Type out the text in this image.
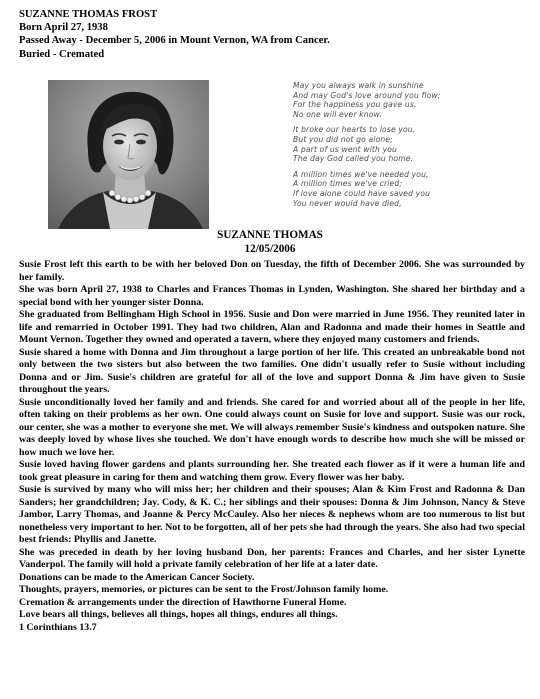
SUZANNE THOMAS FROST
Born April 27, 1938
Passed Away - December 5, 2006 in Mount Vernon, WA from Cancer.
Buried - Cremated
May you always walk in sunshine
And may God's love around you flow;
For the happiness you gave us,
No one will ever know.
It broke our hearts to lose you,
But you did not go alone;
A part of us went with you
The day God called you home.
A million times we've needed you,
A million times we've cried;
If love alone could have saved you
You never would have died,
SUZANNE THOMAS
12/05/2006

Susie Frost left this earth to be with her beloved Don on Tuesday, the fifth of December 2006. She was surrounded by her family.

She was born April 27, 1938 to Charles and Frances Thomas in Lynden, Washington. She shared her birthday and a special bond with her younger sister Donna.

She graduated from Bellingham High School in 1956. Susie and Don were married in June 1956. They reunited later in life and remarried in October 1991. They had two children, Alan and Radonna and made their homes in Seattle and Mount Vernon. Together they owned and operated a tavern, where they enjoyed many customers and friends.

Susie shared a home with Donna and Jim throughout a large portion of her life. This created an unbreakable bond not only between the two sisters but also between the two families. One didn't usually refer to Susie without including Donna and or Jim. Susie's children are grateful for all of the love and support Donna & Jim have given to Susie throughout the years.

Susie unconditionally loved her family and and friends. She cared for and worried about all of the people in her life, often taking on their problems as her own. One could always count on Susie for love and support. Susie was our rock, our center, she was a mother to everyone she met. We will always remember Susie's kindness and outspoken nature. She was deeply loved by whose lives she touched. We don't have enough words to describe how much she will be missed or how much we love her.

Susie loved having flower gardens and plants surrounding her. She treated each flower as if it were a human life and took great pleasure in caring for them and watching them grow. Every flower was her baby.

Susie is survived by many who will miss her; her children and their spouses; Alan & Kim Frost and Radonna & Dan Sanders; her grandchildren; Jay. Cody, & K. C.; her siblings and their spouses: Donna & Jim Johnson, Nancy & Steve Jambor, Larry Thomas, and Joanne & Percy McCauley. Also her nieces & nephews whom are too numerous to list but nonetheless very important to her. Not to be forgotten, all of her pets she had through the years. She also had two special best friends: Phyllis and Janette.

She was preceded in death by her loving husband Don, her parents: Frances and Charles, and her sister Lynette Vanderpol. The family will hold a private family celebration of her life at a later date.

Donations can be made to the American Cancer Society.

Thoughts, prayers, memories, or pictures can be sent to the Frost/Johnson family home.

Cremation & arrangements under the direction of Hawthorne Funeral Home.

Love bears all things, believes all things, hopes all things, endures all things.

1 Corinthians 13.7
